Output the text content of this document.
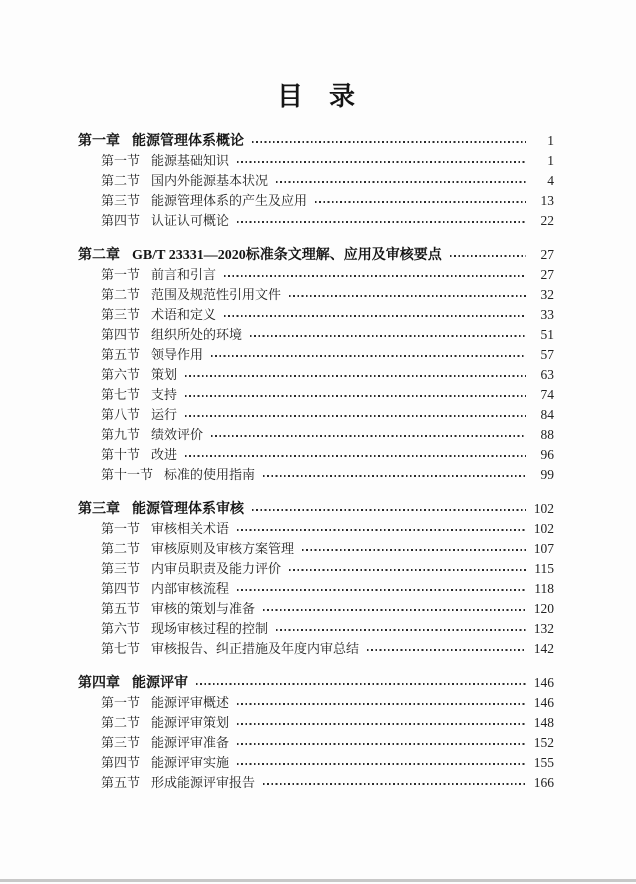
目　录
第一章 能源管理体系概论	1
第一节 能源基础知识	1
第二节 国内外能源基本状况	4
第三节 能源管理体系的产生及应用	13
第四节 认证认可概论	22
第二章 GB/T 23331—2020标准条文理解、应用及审核要点	27
第一节 前言和引言	27
第二节 范围及规范性引用文件	32
第三节 术语和定义	33
第四节 组织所处的环境	51
第五节 领导作用	57
第六节 策划	63
第七节 支持	74
第八节 运行	84
第九节 绩效评价	88
第十节 改进	96
第十一节 标准的使用指南	99
第三章 能源管理体系审核	102
第一节 审核相关术语	102
第二节 审核原则及审核方案管理	107
第三节 内审员职责及能力评价	115
第四节 内部审核流程	118
第五节 审核的策划与准备	120
第六节 现场审核过程的控制	132
第七节 审核报告、纠正措施及年度内审总结	142
第四章 能源评审	146
第一节 能源评审概述	146
第二节 能源评审策划	148
第三节 能源评审准备	152
第四节 能源评审实施	155
第五节 形成能源评审报告	166
